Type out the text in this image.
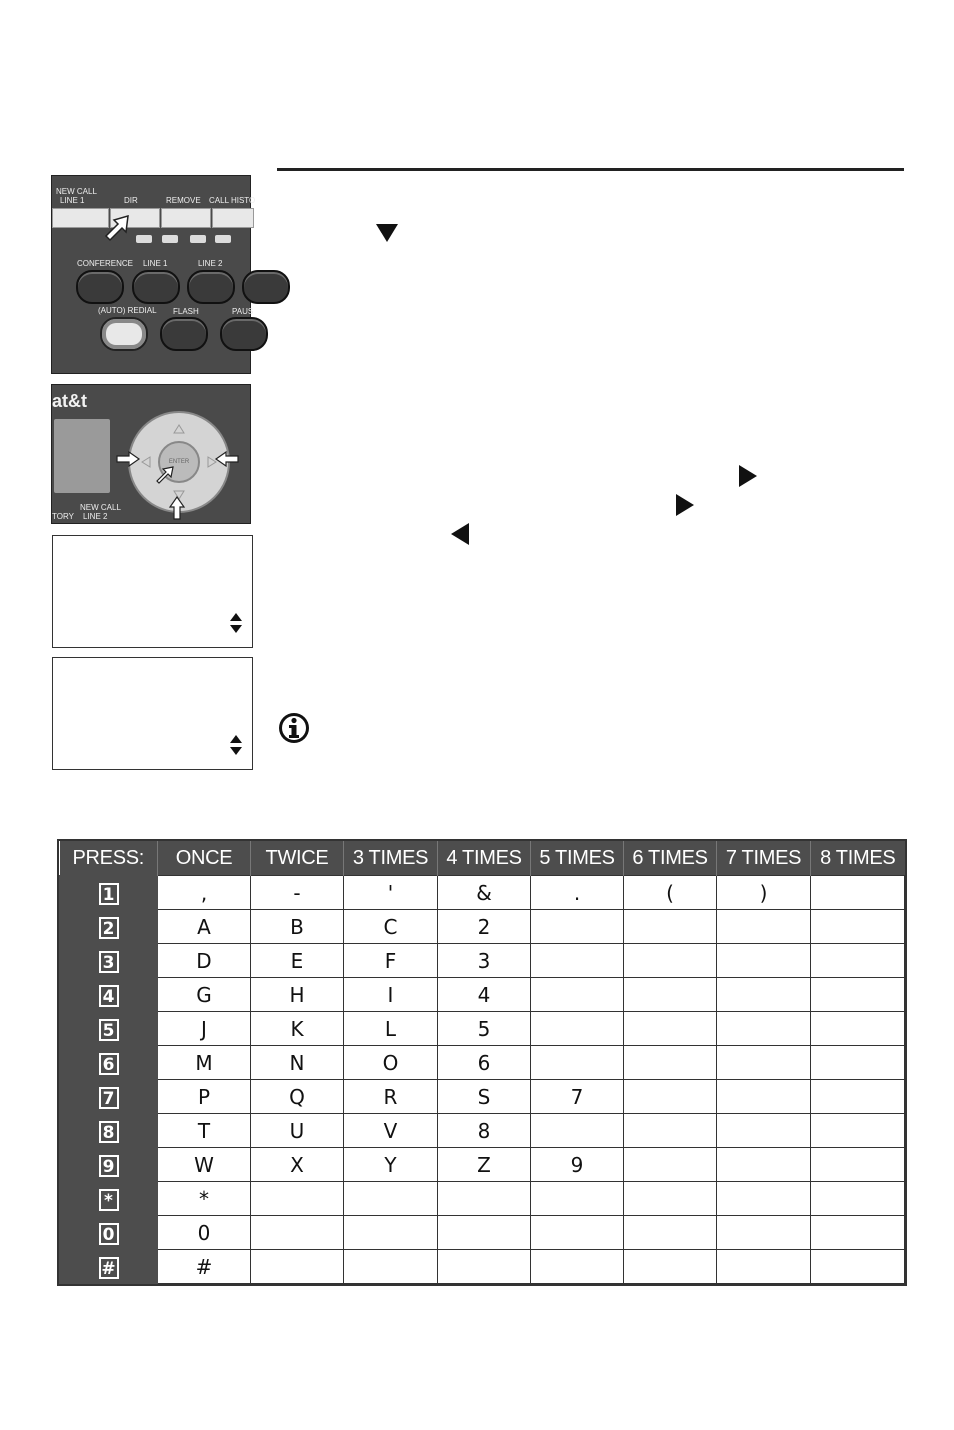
NEW CALL
LINE 1	DIR	REMOVE CALL HISTO
CONFERENCE LINE 1	LINE 2
(AUTO) REDIAL FLASH	PAUS
at&t
ENTER
TORY
NEW CALL
LINE 2
PRESS:	ONCE	TWICE	3 TIMES	4 TIMES	5 TIMES	6 TIMES	7 TIMES	8 TIMES
1	,	-	'	&	.	(	)	
2	A	B	C	2				
3	D	E	F	3				
4	G	H	I	4				
5	J	K	L	5				
6	M	N	O	6				
7	P	Q	R	S	7			
8	T	U	V	8				
9	W	X	Y	Z	9			
*	*							
0	0							
#	#							
